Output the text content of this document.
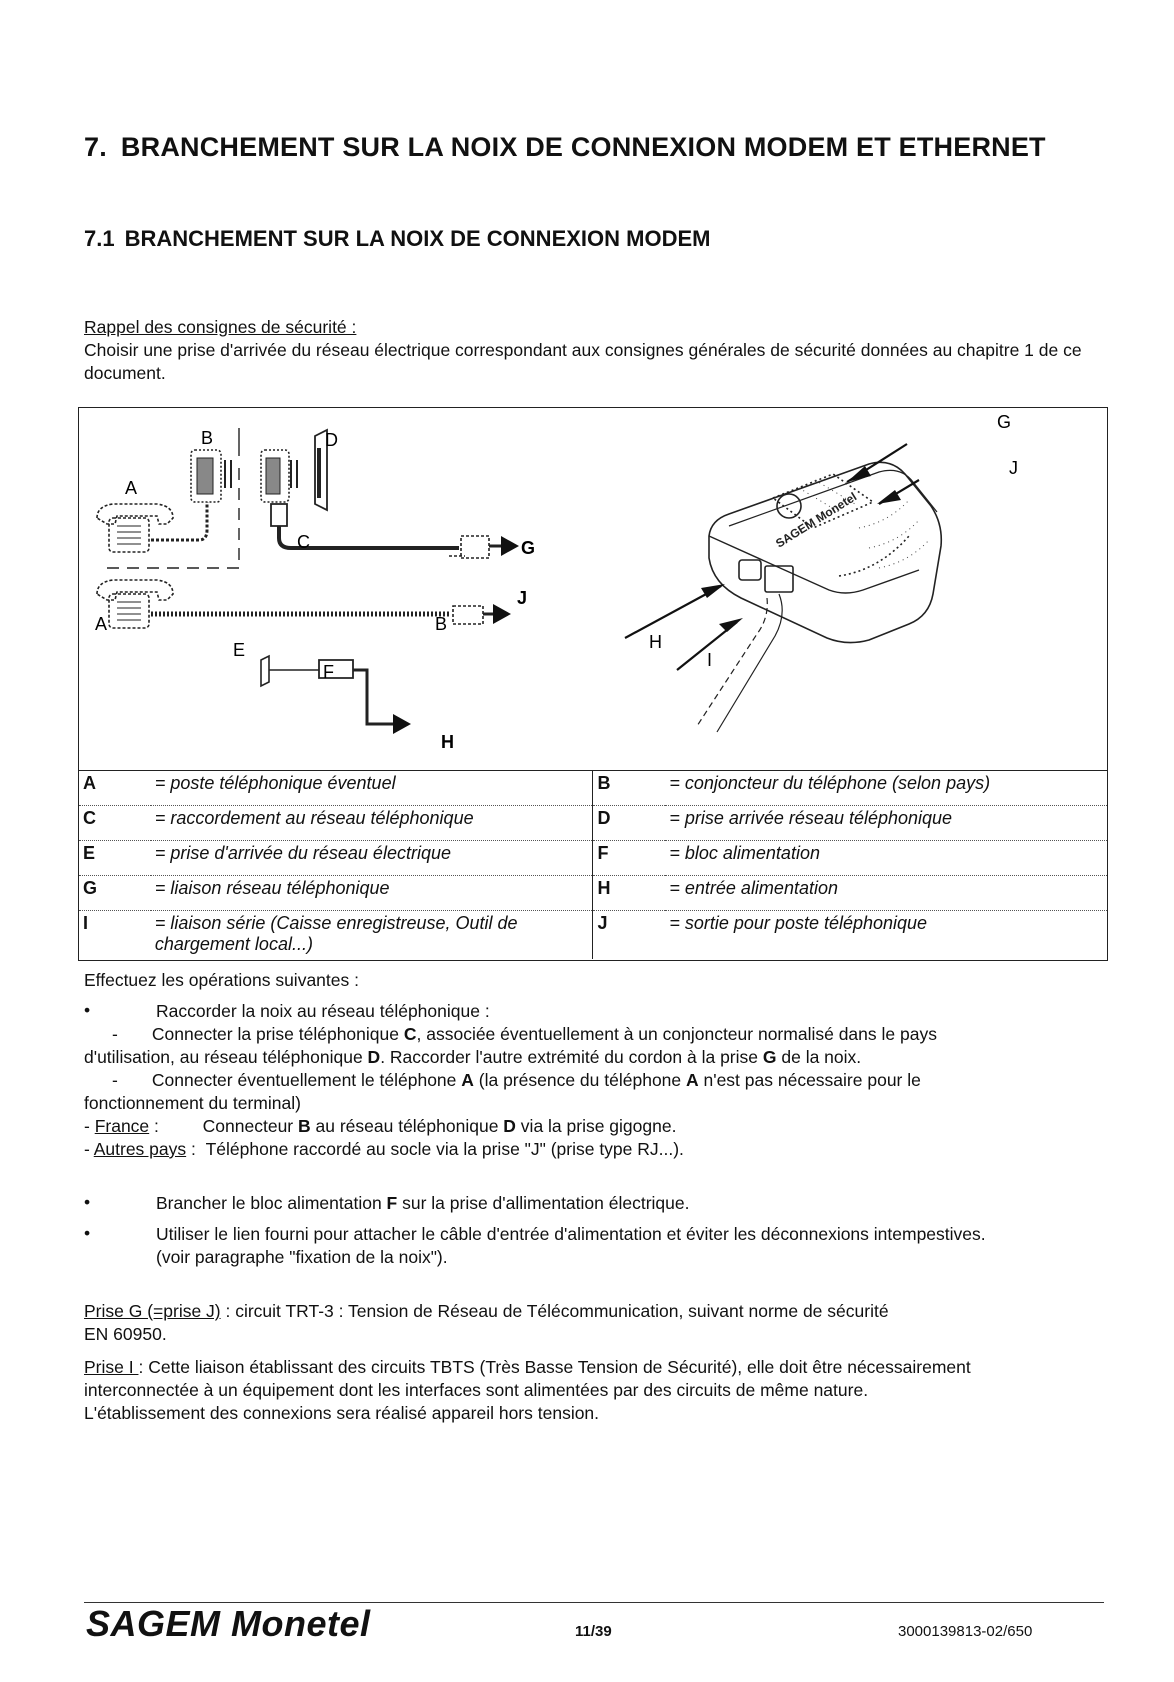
7. BRANCHEMENT SUR LA NOIX DE CONNEXION MODEM ET ETHERNET
7.1 BRANCHEMENT SUR LA NOIX DE CONNEXION MODEM
Rappel des consignes de sécurité :
Choisir une prise d'arrivée du réseau électrique correspondant aux consignes générales de sécurité données au chapitre 1 de ce document.
SAGEM Monetel
A
A
B
B
C
D
E
F
G
J
H
G
J
H
I
A	= poste téléphonique éventuel	B	= conjoncteur du téléphone (selon pays)
C	= raccordement au réseau téléphonique	D	= prise arrivée réseau téléphonique
E	= prise d'arrivée du réseau électrique	F	= bloc alimentation
G	= liaison réseau téléphonique	H	= entrée alimentation
I	= liaison série (Caisse enregistreuse, Outil de chargement local...)	J	= sortie pour poste téléphonique
Effectuez les opérations suivantes :
•	Raccorder la noix au réseau téléphonique :
-       Connecter la prise téléphonique C, associée éventuellement à un conjoncteur normalisé dans le pays
d'utilisation, au réseau téléphonique D. Raccorder l'autre extrémité du cordon à la prise G de la noix.
-       Connecter éventuellement le téléphone A (la présence du téléphone A n'est pas nécessaire pour le
fonctionnement du terminal)
- France :         Connecteur B au réseau téléphonique D via la prise gigogne.
- Autres pays :  Téléphone raccordé au socle via la prise "J" (prise type RJ...).
•	Brancher le bloc alimentation F sur la prise d'allimentation électrique.
•	Utiliser le lien fourni pour attacher le câble d'entrée d'alimentation et éviter les déconnexions intempestives.
(voir paragraphe "fixation de la noix").
Prise G (=prise J) : circuit TRT-3 : Tension de Réseau de Télécommunication, suivant norme de sécurité
EN 60950.
Prise I : Cette liaison établissant des circuits TBTS (Très Basse Tension de Sécurité), elle doit être nécessairement
interconnectée à un équipement dont les interfaces sont alimentées par des circuits de même nature.
L'établissement des connexions sera réalisé appareil hors tension.
SAGEM Monetel	11/39	3000139813-02/650
